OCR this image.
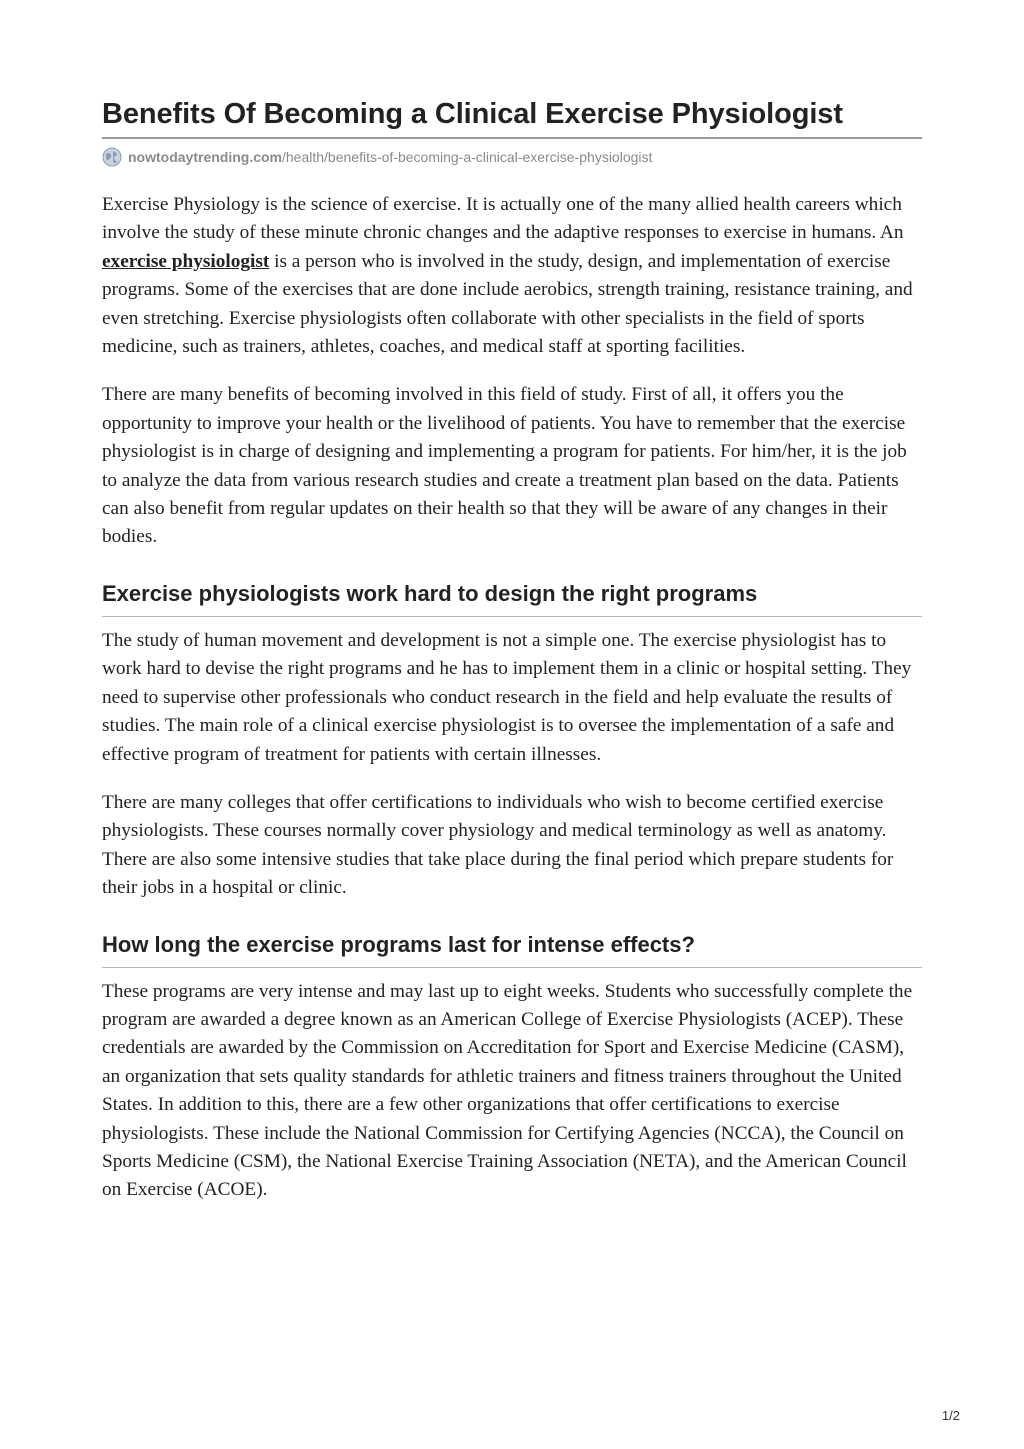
Benefits Of Becoming a Clinical Exercise Physiologist
nowtodaytrending.com/health/benefits-of-becoming-a-clinical-exercise-physiologist

Exercise Physiology is the science of exercise. It is actually one of the many allied health careers which involve the study of these minute chronic changes and the adaptive responses to exercise in humans. An exercise physiologist is a person who is involved in the study, design, and implementation of exercise programs. Some of the exercises that are done include aerobics, strength training, resistance training, and even stretching. Exercise physiologists often collaborate with other specialists in the field of sports medicine, such as trainers, athletes, coaches, and medical staff at sporting facilities.

There are many benefits of becoming involved in this field of study. First of all, it offers you the opportunity to improve your health or the livelihood of patients. You have to remember that the exercise physiologist is in charge of designing and implementing a program for patients. For him/her, it is the job to analyze the data from various research studies and create a treatment plan based on the data. Patients can also benefit from regular updates on their health so that they will be aware of any changes in their bodies.

Exercise physiologists work hard to design the right programs

The study of human movement and development is not a simple one. The exercise physiologist has to work hard to devise the right programs and he has to implement them in a clinic or hospital setting. They need to supervise other professionals who conduct research in the field and help evaluate the results of studies. The main role of a clinical exercise physiologist is to oversee the implementation of a safe and effective program of treatment for patients with certain illnesses.

There are many colleges that offer certifications to individuals who wish to become certified exercise physiologists. These courses normally cover physiology and medical terminology as well as anatomy. There are also some intensive studies that take place during the final period which prepare students for their jobs in a hospital or clinic.

How long the exercise programs last for intense effects?

These programs are very intense and may last up to eight weeks. Students who successfully complete the program are awarded a degree known as an American College of Exercise Physiologists (ACEP). These credentials are awarded by the Commission on Accreditation for Sport and Exercise Medicine (CASM), an organization that sets quality standards for athletic trainers and fitness trainers throughout the United States. In addition to this, there are a few other organizations that offer certifications to exercise physiologists. These include the National Commission for Certifying Agencies (NCCA), the Council on Sports Medicine (CSM), the National Exercise Training Association (NETA), and the American Council on Exercise (ACOE).

1/2
